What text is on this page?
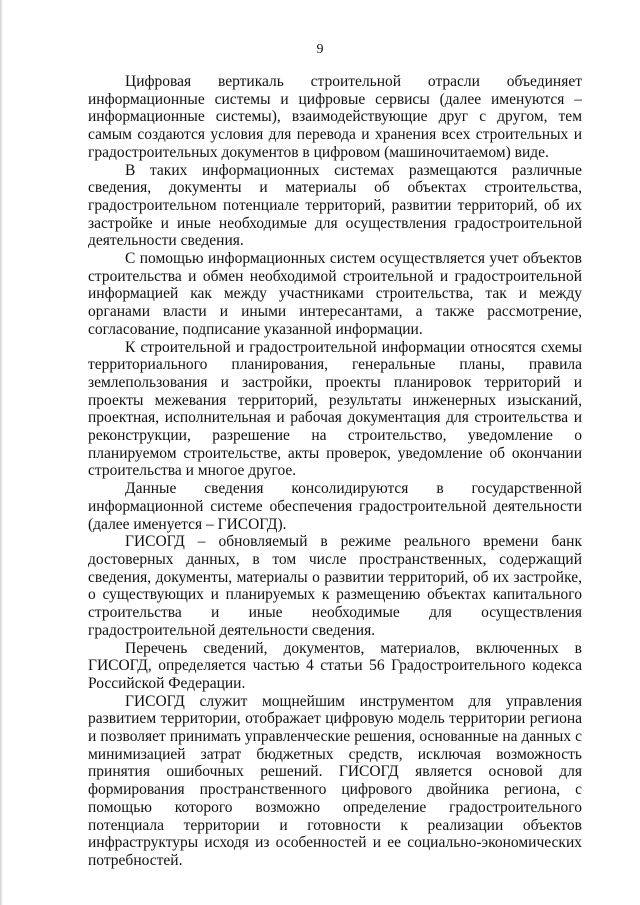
9

Цифровая вертикаль строительной отрасли объединяет информационные системы и цифровые сервисы (далее именуются – информационные системы), взаимодействующие друг с другом, тем самым создаются условия для перевода и хранения всех строительных и градостроительных документов в цифровом (машиночитаемом) виде.

В таких информационных системах размещаются различные сведения, документы и материалы об объектах строительства, градостроительном потенциале территорий, развитии территорий, об их застройке и иные необходимые для осуществления градостроительной деятельности сведения.

С помощью информационных систем осуществляется учет объектов строительства и обмен необходимой строительной и градостроительной информацией как между участниками строительства, так и между органами власти и иными интересантами, а также рассмотрение, согласование, подписание указанной информации.

К строительной и градостроительной информации относятся схемы территориального планирования, генеральные планы, правила землепользования и застройки, проекты планировок территорий и проекты межевания территорий, результаты инженерных изысканий, проектная, исполнительная и рабочая документация для строительства и реконструкции, разрешение на строительство, уведомление о планируемом строительстве, акты проверок, уведомление об окончании строительства и многое другое.

Данные сведения консолидируются в государственной информационной системе обеспечения градостроительной деятельности (далее именуется – ГИСОГД).

ГИСОГД – обновляемый в режиме реального времени банк достоверных данных, в том числе пространственных, содержащий сведения, документы, материалы о развитии территорий, об их застройке, о существующих и планируемых к размещению объектах капитального строительства и иные необходимые для осуществления градостроительной деятельности сведения.

Перечень сведений, документов, материалов, включенных в ГИСОГД, определяется частью 4 статьи 56 Градостроительного кодекса Российской Федерации.

ГИСОГД служит мощнейшим инструментом для управления развитием территории, отображает цифровую модель территории региона и позволяет принимать управленческие решения, основанные на данных с минимизацией затрат бюджетных средств, исключая возможность принятия ошибочных решений. ГИСОГД является основой для формирования пространственного цифрового двойника региона, с помощью которого возможно определение градостроительного потенциала территории и готовности к реализации объектов инфраструктуры исходя из особенностей и ее социально-экономических потребностей.
